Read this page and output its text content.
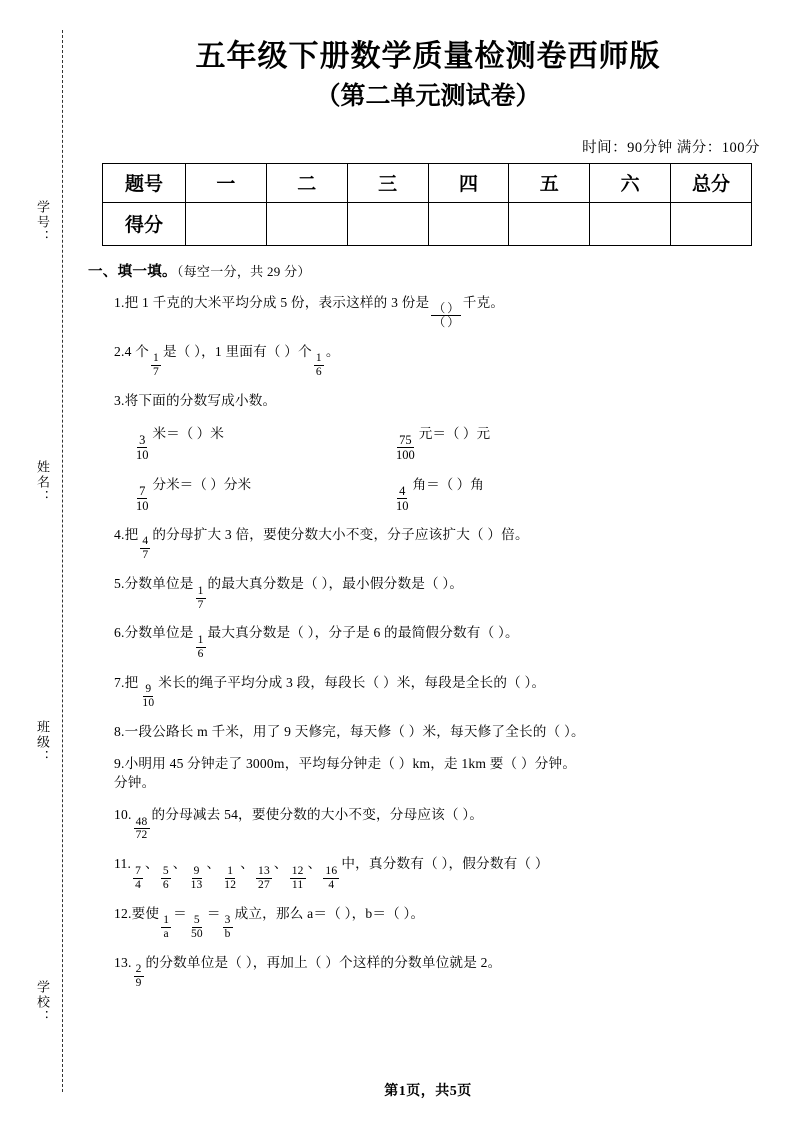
学号：
姓名：
班级：
学校：
五年级下册数学质量检测卷西师版
（第二单元测试卷）
时间：90分钟 满分：100分
题号	一	二	三	四	五	六	总分
得分							
一、填一填。（每空一分，共 29 分）
1.把 1 千克的大米平均分成 5 份，表示这样的 3 份是
$\frac{( )}{( )}$
千克。
2.4 个
$\frac{1}{7}$
是（ ），1 里面有（ ）个
$\frac{1}{6}$
。
3.将下面的分数写成小数。
$\frac{3}{10}$ 米＝（ ）米	$\frac{75}{100}$ 元＝（ ）元
$\frac{7}{10}$ 分米＝（ ）分米	$\frac{4}{10}$ 角＝（ ）角
4.把
$\frac{4}{7}$
的分母扩大 3 倍，要使分数大小不变，分子应该扩大（ ）倍。
5.分数单位是
$\frac{1}{7}$
的最大真分数是（ ），最小假分数是（ ）。
6.分数单位是
$\frac{1}{6}$
最大真分数是（ ），分子是 6 的最简假分数有（ ）。
7.把
$\frac{9}{10}$
米长的绳子平均分成 3 段，每段长（ ）米，每段是全长的（ ）。
8.一段公路长 m 千米，用了 9 天修完，每天修（ ）米，每天修了全长的（ ）。
9.小明用 45 分钟走了 3000m，平均每分钟走（ ）km，走 1km 要（ ）分钟。
分钟。
10.
$\frac{48}{72}$
的分母减去 54，要使分数的大小不变，分母应该（ ）。
11.
$\frac{7}{4}$
、
$\frac{5}{6}$
、
$\frac{9}{13}$
、
$\frac{1}{12}$
、
$\frac{13}{27}$
、
$\frac{12}{11}$
、
$\frac{16}{4}$
中，真分数有（ ），假分数有（ ）
12.要使
$\frac{1}{a}$
＝
$\frac{5}{50}$
＝
$\frac{3}{b}$
成立，那么 a＝（ ），b＝（ ）。
13.
$\frac{2}{9}$
的分数单位是（ ），再加上（ ）个这样的分数单位就是 2。
第1页，共5页
